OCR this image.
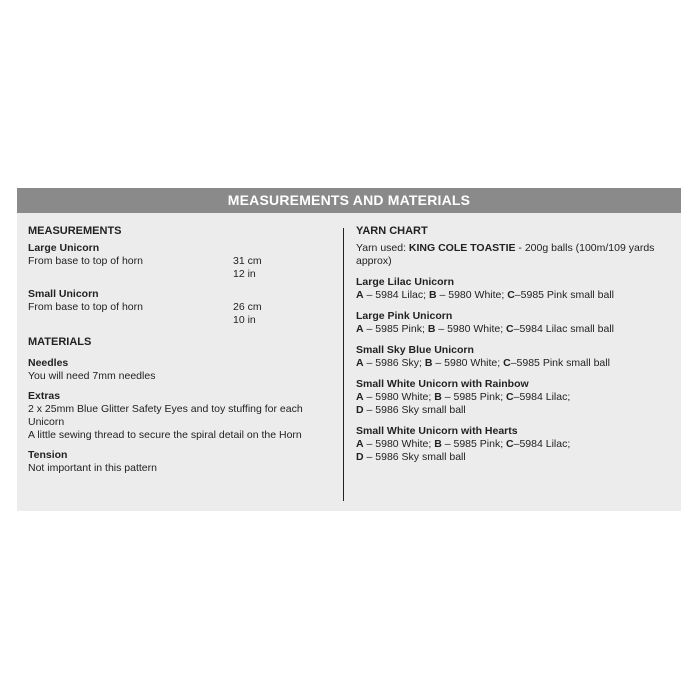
MEASUREMENTS AND MATERIALS
MEASUREMENTS
Large Unicorn
From base to top of horn	31 cm
12 in
Small Unicorn
From base to top of horn	26 cm
10 in
MATERIALS
Needles
You will need 7mm needles
Extras
2 x 25mm Blue Glitter Safety Eyes and toy stuffing for each Unicorn
A little sewing thread to secure the spiral detail on the Horn
Tension
Not important in this pattern
YARN CHART
Yarn used: KING COLE TOASTIE - 200g balls (100m/109 yards approx)
Large Lilac Unicorn
A – 5984 Lilac; B – 5980 White; C–5985 Pink small ball
Large Pink Unicorn
A – 5985 Pink; B – 5980 White; C–5984 Lilac small ball
Small Sky Blue Unicorn
A – 5986 Sky; B – 5980 White; C–5985 Pink small ball
Small White Unicorn with Rainbow
A – 5980 White; B – 5985 Pink; C–5984 Lilac;
D – 5986 Sky small ball
Small White Unicorn with Hearts
A – 5980 White; B – 5985 Pink; C–5984 Lilac;
D – 5986 Sky small ball
